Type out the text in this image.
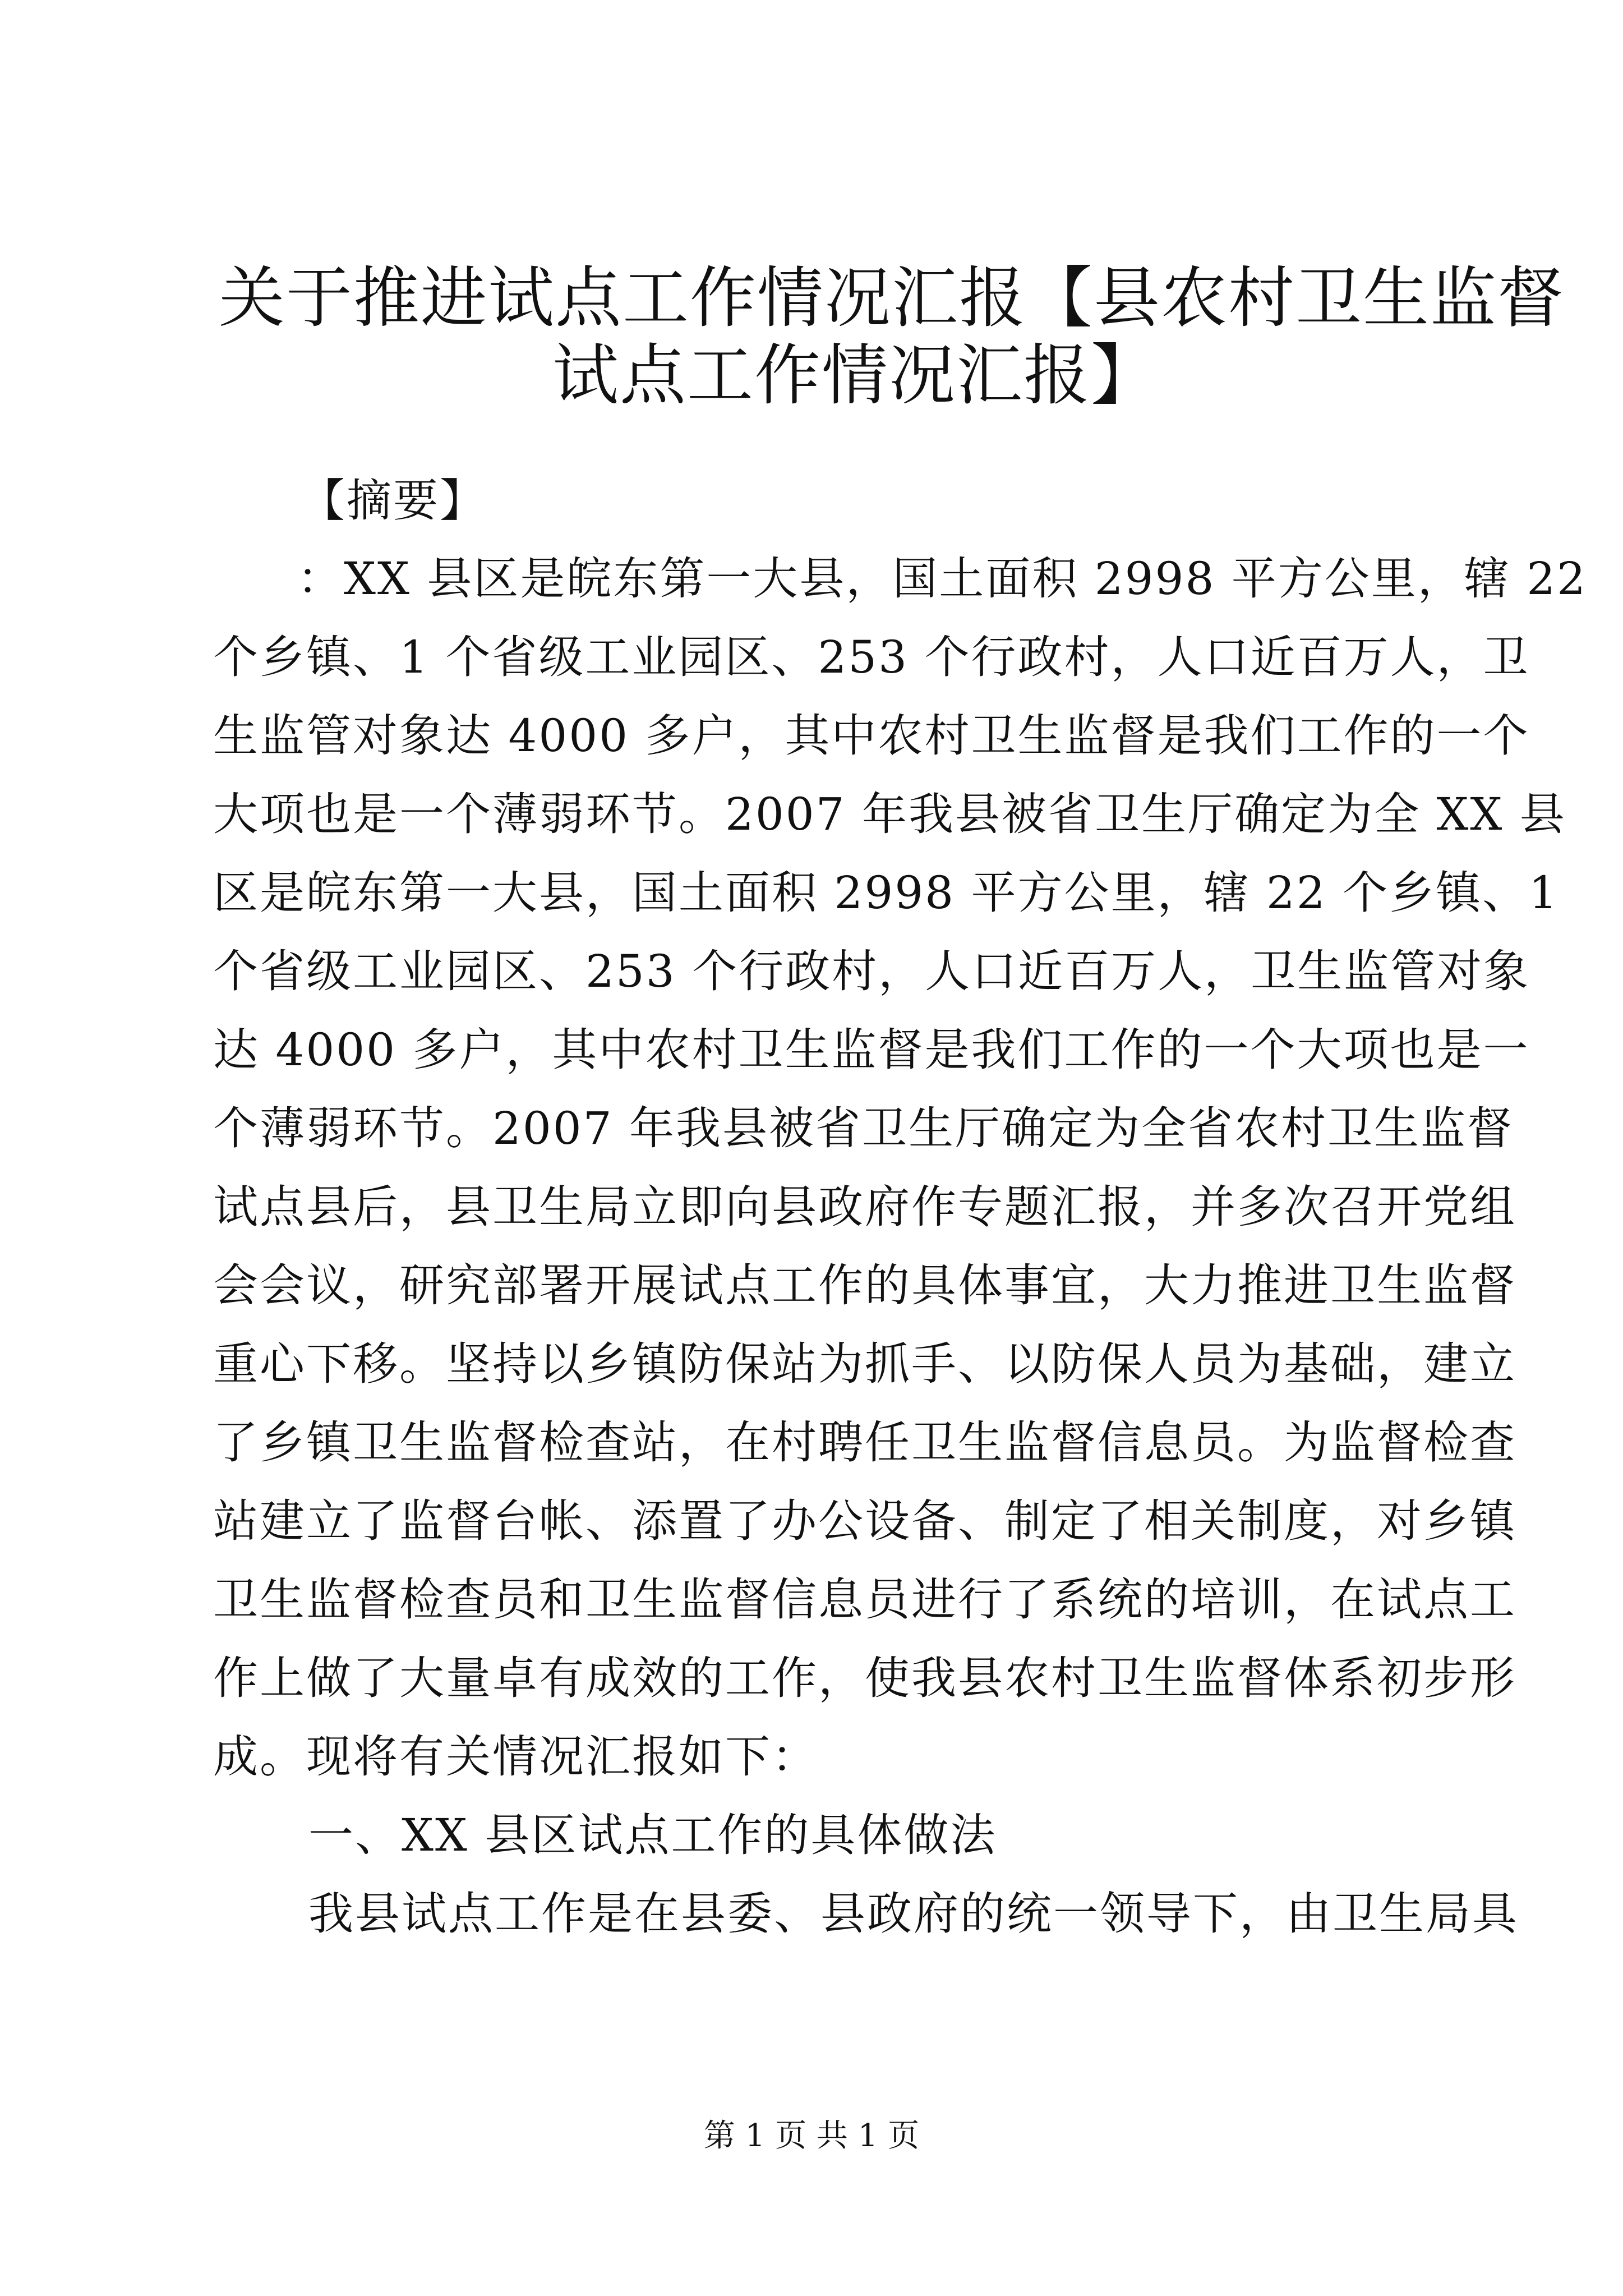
关于推进试点工作情况汇报【县农村卫生监督
试点工作情况汇报】
【摘要】
：XX 县区是皖东第一大县，国土面积 2998 平方公里，辖 22
个乡镇、1 个省级工业园区、253 个行政村，人口近百万人，卫
生监管对象达 4000 多户，其中农村卫生监督是我们工作的一个
大项也是一个薄弱环节。2007 年我县被省卫生厅确定为全 XX 县
区是皖东第一大县，国土面积 2998 平方公里，辖 22 个乡镇、1
个省级工业园区、253 个行政村，人口近百万人，卫生监管对象
达 4000 多户，其中农村卫生监督是我们工作的一个大项也是一
个薄弱环节。2007 年我县被省卫生厅确定为全省农村卫生监督
试点县后，县卫生局立即向县政府作专题汇报，并多次召开党组
会会议，研究部署开展试点工作的具体事宜，大力推进卫生监督
重心下移。坚持以乡镇防保站为抓手、以防保人员为基础，建立
了乡镇卫生监督检查站，在村聘任卫生监督信息员。为监督检查
站建立了监督台帐、添置了办公设备、制定了相关制度，对乡镇
卫生监督检查员和卫生监督信息员进行了系统的培训，在试点工
作上做了大量卓有成效的工作，使我县农村卫生监督体系初步形
成。现将有关情况汇报如下：
一、XX 县区试点工作的具体做法
我县试点工作是在县委、县政府的统一领导下，由卫生局具
第 1 页 共 1 页
